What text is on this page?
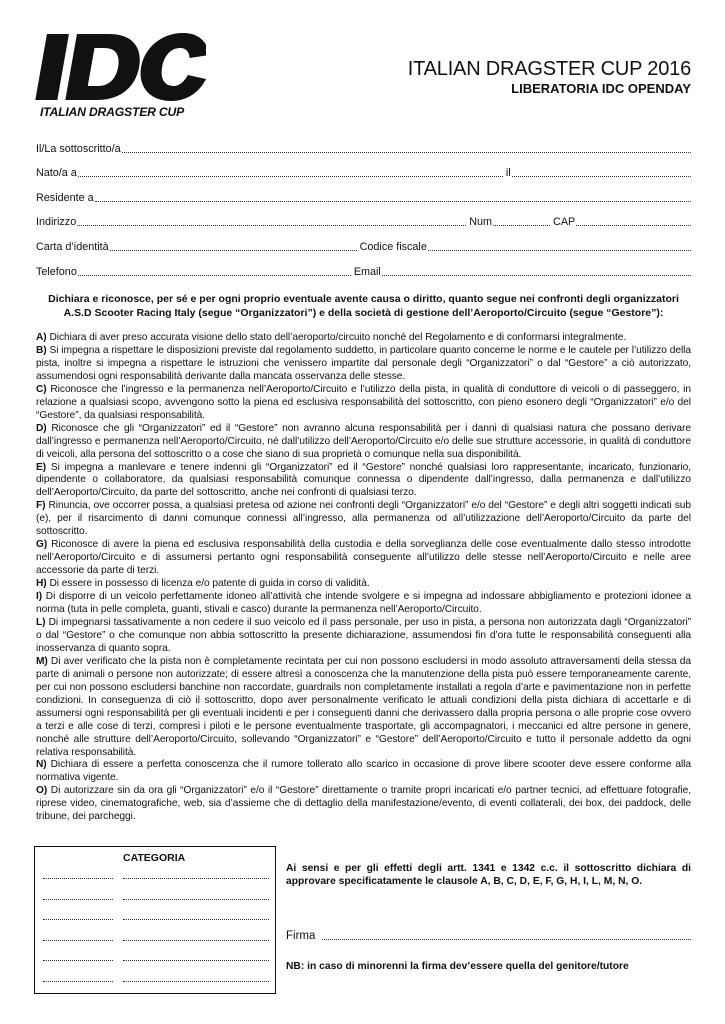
ITALIAN DRAGSTER CUP
ITALIAN DRAGSTER CUP 2016
LIBERATORIA IDC OPENDAY
Il/La sottoscritto/a
Nato/a a	il
Residente a
Indirizzo	Num	CAP
Carta d’identità	Codice fiscale
Telefono	Email
Dichiara e riconosce, per sé e per ogni proprio eventuale avente causa o diritto, quanto segue nei confronti degli organizzatori A.S.D Scooter Racing Italy (segue “Organizzatori”) e della società di gestione dell’Aeroporto/Circuito (segue “Gestore”):

A) Dichiara di aver preso accurata visione dello stato dell’aeroporto/circuito nonché del Regolamento e di conformarsi integralmente.

B) Si impegna a rispettare le disposizioni previste dal regolamento suddetto, in particolare quanto concerne le norme e le cautele per l’utilizzo della pista, inoltre si impegna a rispettare le istruzioni che venissero impartite dal personale degli “Organizzatori” o dal “Gestore” a ciò autorizzato, assumendosi ogni responsabilità derivante dalla mancata osservanza delle stesse.

C) Riconosce che l’ingresso e la permanenza nell’Aeroporto/Circuito e l’utilizzo della pista, in qualità di conduttore di veicoli o di passeggero, in relazione a qualsiasi scopo, avvengono sotto la piena ed esclusiva responsabilità del sottoscritto, con pieno esonero degli “Organizzatori” e/o del “Gestore”, da qualsiasi responsabilità.

D) Riconosce che gli “Organizzatori” ed il “Gestore” non avranno alcuna responsabilità per i danni di qualsiasi natura che possano derivare dall’ingresso e permanenza nell’Aeroporto/Circuito, né dall’utilizzo dell’Aeroporto/Circuito e/o delle sue strutture accessorie, in qualità di conduttore di veicoli, alla persona del sottoscritto o a cose che siano di sua proprietà o comunque nella sua disponibilità.

E) Si impegna a manlevare e tenere indenni gli “Organizzatori” ed il “Gestore” nonché qualsiasi loro rappresentante, incaricato, funzionario, dipendente o collaboratore, da qualsiasi responsabilità comunque connessa o dipendente dall’ingresso, dalla permanenza e dall’utilizzo dell’Aeroporto/Circuito, da parte del sottoscritto, anche nei confronti di qualsiasi terzo.

F) Rinuncia, ove occorrer possa, a qualsiasi pretesa od azione nei confronti degli “Organizzatori” e/o del “Gestore” e degli altri soggetti indicati sub (e), per il risarcimento di danni comunque connessi all’ingresso, alla permanenza od all’utilizzazione dell’Aeroporto/Circuito da parte del sottoscritto.

G) Riconosce di avere la piena ed esclusiva responsabilità della custodia e della sorveglianza delle cose eventualmente dallo stesso introdotte nell’Aeroporto/Circuito e di assumersi pertanto ogni responsabilità conseguente all’utilizzo delle stesse nell’Aeroporto/Circuito e nelle aree accessorie da parte di terzi.

H) Di essere in possesso di licenza e/o patente di guida in corso di validità.

I) Di disporre di un veicolo perfettamente idoneo all’attività che intende svolgere e si impegna ad indossare abbigliamento e protezioni idonee a norma (tuta in pelle completa, guanti, stivali e casco) durante la permanenza nell’Aeroporto/Circuito.

L) Di impegnarsi tassativamente a non cedere il suo veicolo ed il pass personale, per uso in pista, a persona non autorizzata dagli “Organizzatori” o dal “Gestore” o che comunque non abbia sottoscritto la presente dichiarazione, assumendosi fin d’ora tutte le responsabilità conseguenti alla inosservanza di quanto sopra.

M) Di aver verificato che la pista non è completamente recintata per cui non possono escludersi in modo assoluto attraversamenti della stessa da parte di animali o persone non autorizzate; di essere altresì a conoscenza che la manutenzione della pista può essere temporaneamente carente, per cui non possono escludersi banchine non raccordate, guardrails non completamente installati a regola d’arte e pavimentazione non in perfette condizioni. In conseguenza di ciò il sottoscritto, dopo aver personalmente verificato le attuali condizioni della pista dichiara di accettarle e di assumersi ogni responsabilità per gli eventuali incidenti e per i conseguenti danni che derivassero dalla propria persona o alle proprie cose ovvero a terzi e alle cose di terzi, compresi i piloti e le persone eventualmente trasportate, gli accompagnatori, i meccanici ed altre persone in genere, nonché alle strutture dell’Aeroporto/Circuito, sollevando “Organizzatori” e “Gestore” dell’Aeroporto/Circuito e tutto il personale addetto da ogni relativa responsabilità.

N) Dichiara di essere a perfetta conoscenza che il rumore tollerato allo scarico in occasione di prove libere scooter deve essere conforme alla normativa vigente.

O) Di autorizzare sin da ora gli “Organizzatori” e/o il “Gestore” direttamente o tramite propri incaricati e/o partner tecnici, ad effettuare fotografie, riprese video, cinematografiche, web, sia d’assieme che di dettaglio della manifestazione/evento, di eventi collaterali, dei box, dei paddock, delle tribune, dei parcheggi.

CATEGORIA
Ai sensi e per gli effetti degli artt. 1341 e 1342 c.c. il sottoscritto dichiara di approvare specificatamente le clausole A, B, C, D, E, F, G, H, I, L, M, N, O.
Firma
NB: in caso di minorenni la firma dev’essere quella del genitore/tutore
